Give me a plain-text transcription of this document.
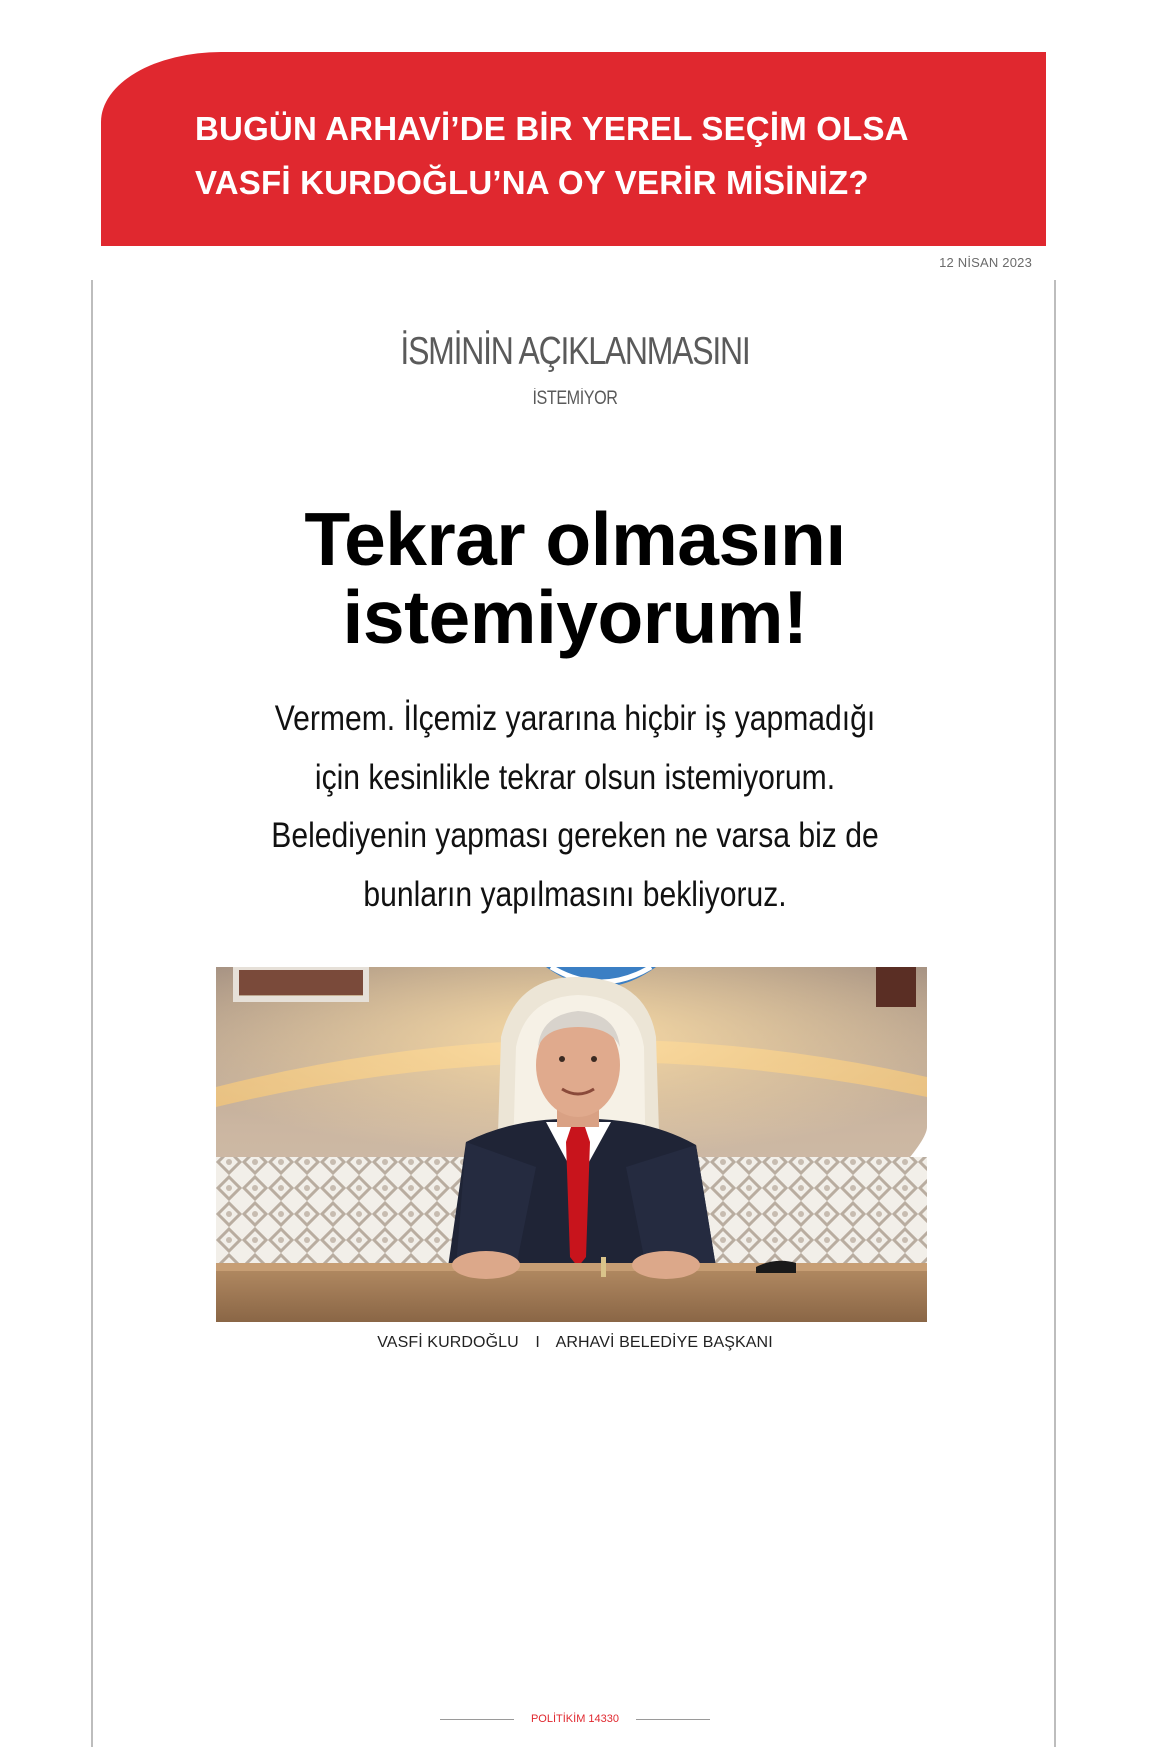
BUGÜN ARHAVİ’DE BİR YEREL SEÇİM OLSA
VASFİ KURDOĞLU’NA OY VERİR MİSİNİZ?
12 NİSAN 2023
İSMİNİN AÇIKLANMASINI
İSTEMİYOR
Tekrar olmasını
istemiyorum!
Vermem. İlçemiz yararına hiçbir iş yapmadığı
için kesinlikle tekrar olsun istemiyorum.
Belediyenin yapması gereken ne varsa biz de
bunların yapılmasını bekliyoruz.
VASFİ KURDOĞLU I ARHAVİ BELEDİYE BAŞKANI
POLİTİKİM 14330
